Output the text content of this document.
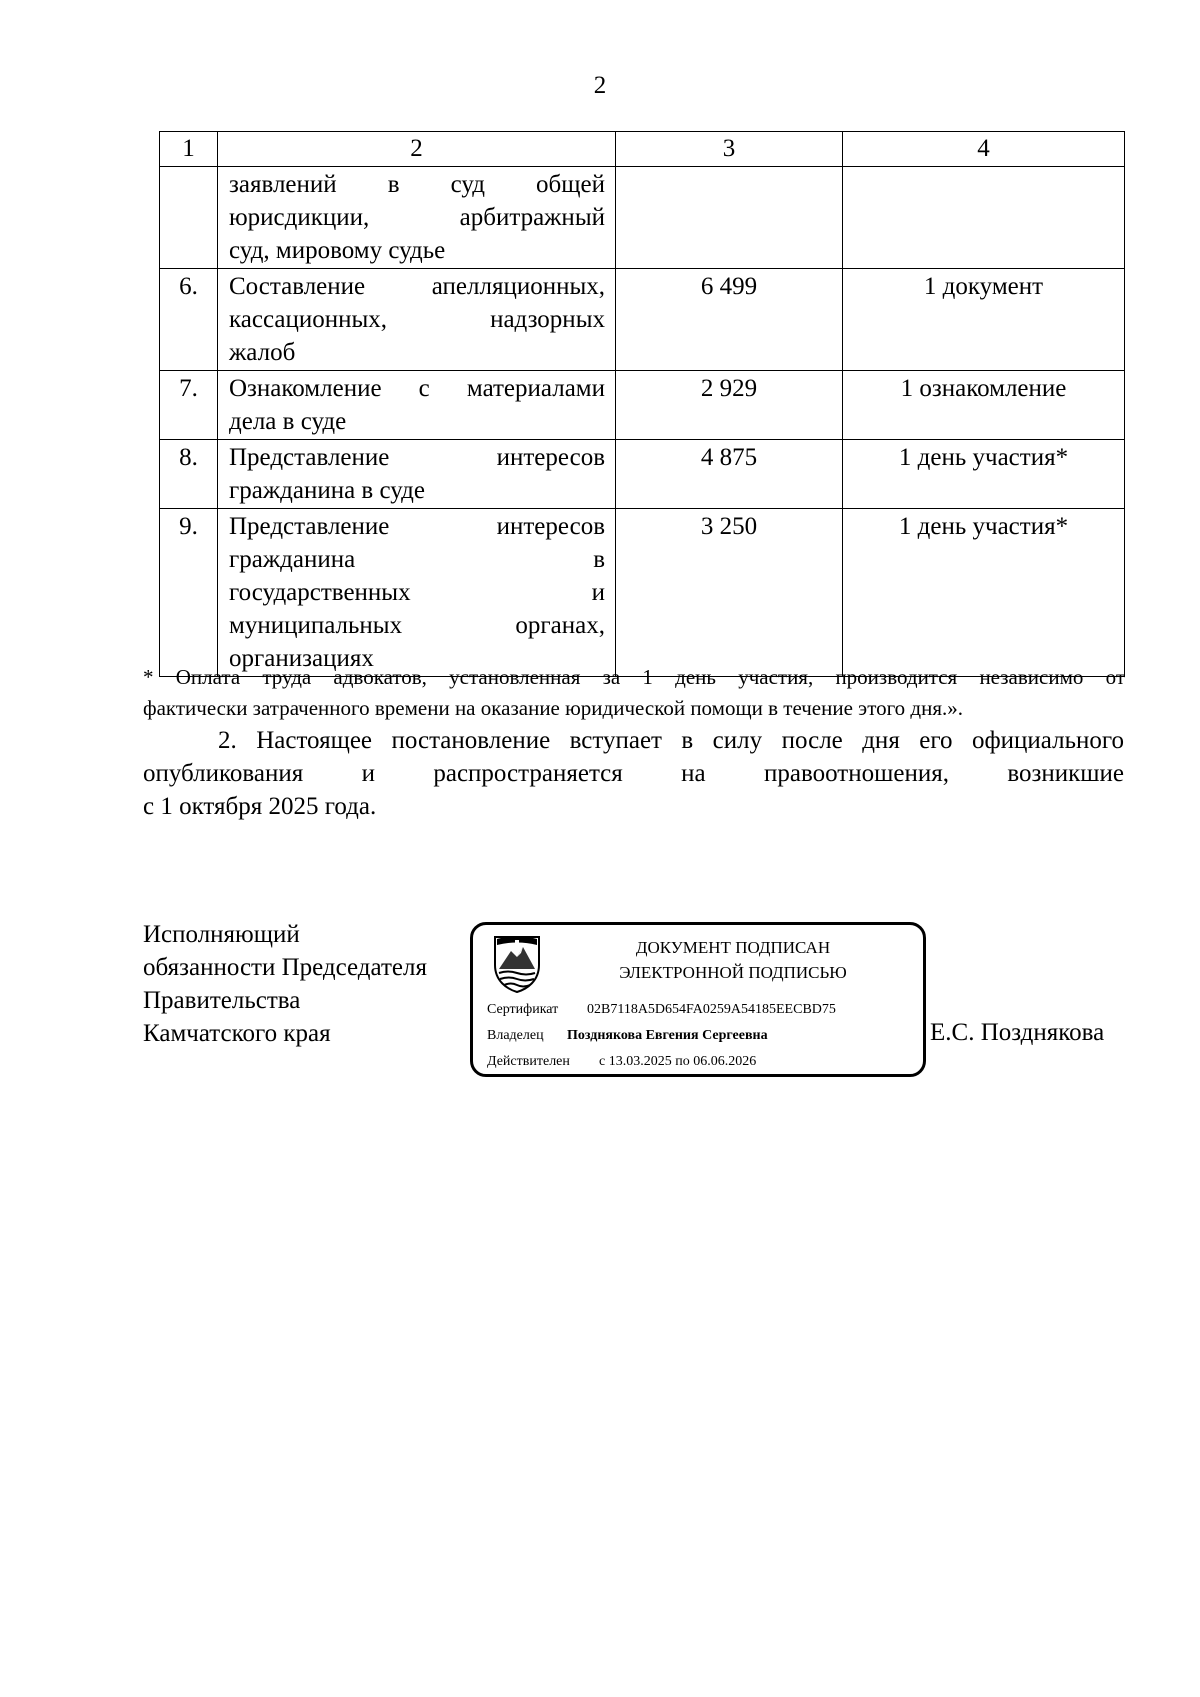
2
1	2	3	4

	заявлений в суд общей
юрисдикции, арбитражный
суд, мировому судье		

6.	Составление апелляционных,
кассационных, надзорных
жалоб	6 499	1 документ
7.	Ознакомление с материалами
дела в суде	2 929	1 ознакомление
8.	Представление интересов
гражданина в суде	4 875	1 день участия*
9.	Представление интересов
гражданина в
государственных и
муниципальных органах,
организациях	3 250	1 день участия*
* Оплата труда адвокатов, установленная за 1 день участия, производится независимо от
фактически затраченного времени на оказание юридической помощи в течение этого дня.».
2. Настоящее постановление вступает в силу после дня его официального
опубликования и распространяется на правоотношения, возникшие
с 1 октября 2025 года.
Исполняющий
обязанности Председателя
Правительства
Камчатского края
ДОКУМЕНТ ПОДПИСАН
ЭЛЕКТРОННОЙ ПОДПИСЬЮ
Сертификат 02B7118A5D654FA0259A54185EECBD75
Владелец Позднякова Евгения Сергеевна
Действителен с 13.03.2025 по 06.06.2026
Е.С. Позднякова
